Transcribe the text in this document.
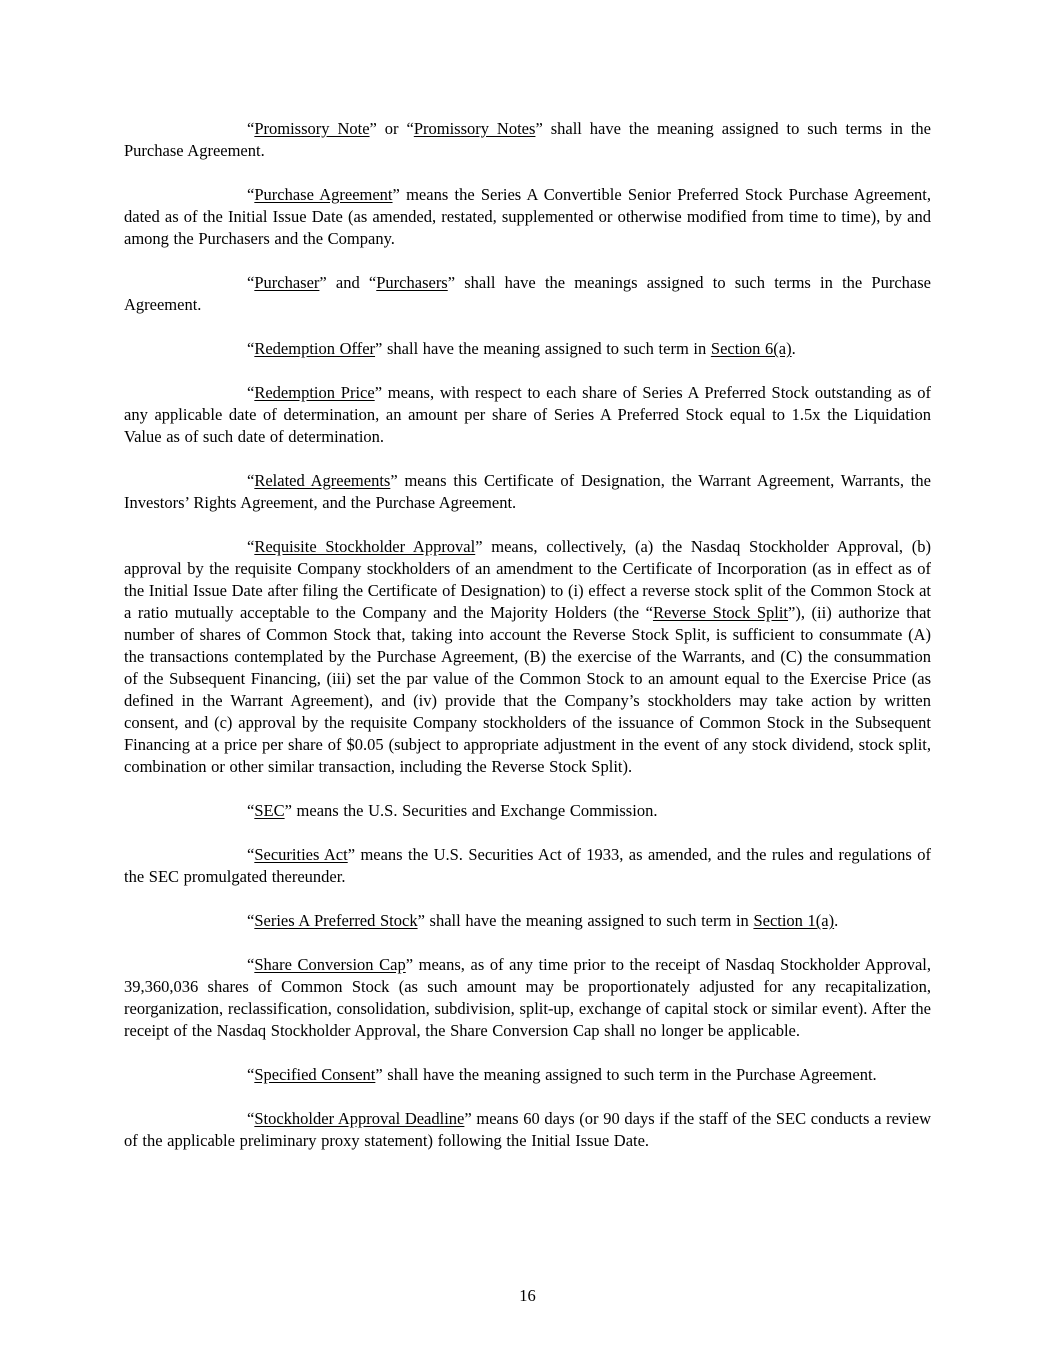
“Promissory Note” or “Promissory Notes” shall have the meaning assigned to such terms in the Purchase Agreement.

“Purchase Agreement” means the Series A Convertible Senior Preferred Stock Purchase Agreement, dated as of the Initial Issue Date (as amended, restated, supplemented or otherwise modified from time to time), by and among the Purchasers and the Company.

“Purchaser” and “Purchasers” shall have the meanings assigned to such terms in the Purchase Agreement.

“Redemption Offer” shall have the meaning assigned to such term in Section 6(a).

“Redemption Price” means, with respect to each share of Series A Preferred Stock outstanding as of any applicable date of determination, an amount per share of Series A Preferred Stock equal to 1.5x the Liquidation Value as of such date of determination.

“Related Agreements” means this Certificate of Designation, the Warrant Agreement, Warrants, the Investors’ Rights Agreement, and the Purchase Agreement.

“Requisite Stockholder Approval” means, collectively, (a) the Nasdaq Stockholder Approval, (b) approval by the requisite Company stockholders of an amendment to the Certificate of Incorporation (as in effect as of the Initial Issue Date after filing the Certificate of Designation) to (i) effect a reverse stock split of the Common Stock at a ratio mutually acceptable to the Company and the Majority Holders (the “Reverse Stock Split”), (ii) authorize that number of shares of Common Stock that, taking into account the Reverse Stock Split, is sufficient to consummate (A) the transactions contemplated by the Purchase Agreement, (B) the exercise of the Warrants, and (C) the consummation of the Subsequent Financing, (iii) set the par value of the Common Stock to an amount equal to the Exercise Price (as defined in the Warrant Agreement), and (iv) provide that the Company’s stockholders may take action by written consent, and (c) approval by the requisite Company stockholders of the issuance of Common Stock in the Subsequent Financing at a price per share of $0.05 (subject to appropriate adjustment in the event of any stock dividend, stock split, combination or other similar transaction, including the Reverse Stock Split).

“SEC” means the U.S. Securities and Exchange Commission.

“Securities Act” means the U.S. Securities Act of 1933, as amended, and the rules and regulations of the SEC promulgated thereunder.

“Series A Preferred Stock” shall have the meaning assigned to such term in Section 1(a).

“Share Conversion Cap” means, as of any time prior to the receipt of Nasdaq Stockholder Approval, 39,360,036 shares of Common Stock (as such amount may be proportionately adjusted for any recapitalization, reorganization, reclassification, consolidation, subdivision, split-up, exchange of capital stock or similar event). After the receipt of the Nasdaq Stockholder Approval, the Share Conversion Cap shall no longer be applicable.

“Specified Consent” shall have the meaning assigned to such term in the Purchase Agreement.

“Stockholder Approval Deadline” means 60 days (or 90 days if the staff of the SEC conducts a review of the applicable preliminary proxy statement) following the Initial Issue Date.

16
